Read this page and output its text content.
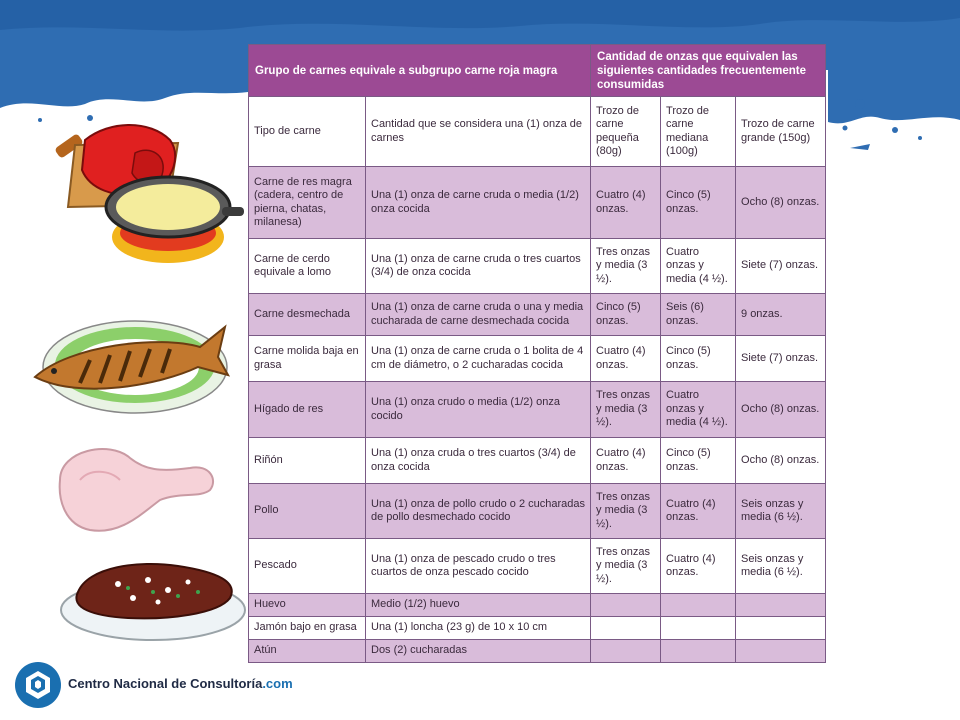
Grupo de carnes equivale a subgrupo carne roja magra		Cantidad de onzas que equivalen las siguientes cantidades frecuentemente consumidas		
Tipo de carne	Cantidad que se considera una (1) onza de carnes	Trozo de carne pequeña (80g)	Trozo de carne mediana (100g)	Trozo de carne grande (150g)
Carne de res magra (cadera, centro de pierna, chatas, milanesa)	Una (1) onza de carne cruda o media (1/2) onza cocida	Cuatro (4) onzas.	Cinco (5) onzas.	Ocho (8) onzas.
Carne de cerdo equivale a lomo	Una (1) onza de carne cruda o tres cuartos (3/4) de onza cocida	Tres onzas y media (3 ½).	Cuatro onzas y media (4 ½).	Siete (7) onzas.
Carne desmechada	Una (1) onza de carne cruda o una y media cucharada de carne desmechada cocida	Cinco (5) onzas.	Seis (6) onzas.	9 onzas.
Carne molida baja en grasa	Una (1) onza de carne cruda o 1 bolita de 4 cm de diámetro, o 2 cucharadas cocida	Cuatro (4) onzas.	Cinco (5) onzas.	Siete (7) onzas.
Hígado de res	Una (1) onza crudo o media (1/2) onza cocido	Tres onzas y media (3 ½).	Cuatro onzas y media (4 ½).	Ocho (8) onzas.
Riñón	Una (1) onza cruda o tres cuartos (3/4) de onza cocida	Cuatro (4) onzas.	Cinco (5) onzas.	Ocho (8) onzas.
Pollo	Una (1) onza de pollo crudo o 2 cucharadas de pollo desmechado cocido	Tres onzas y media (3 ½).	Cuatro (4) onzas.	Seis onzas y media (6 ½).
Pescado	Una (1) onza de pescado crudo o tres cuartos de onza pescado cocido	Tres onzas y media (3 ½).	Cuatro (4) onzas.	Seis onzas y media (6 ½).
Huevo	Medio (1/2) huevo			
Jamón bajo en grasa	Una (1) loncha (23 g) de 10 x 10 cm			
Atún	Dos (2) cucharadas			
Centro Nacional de Consultoría.com
